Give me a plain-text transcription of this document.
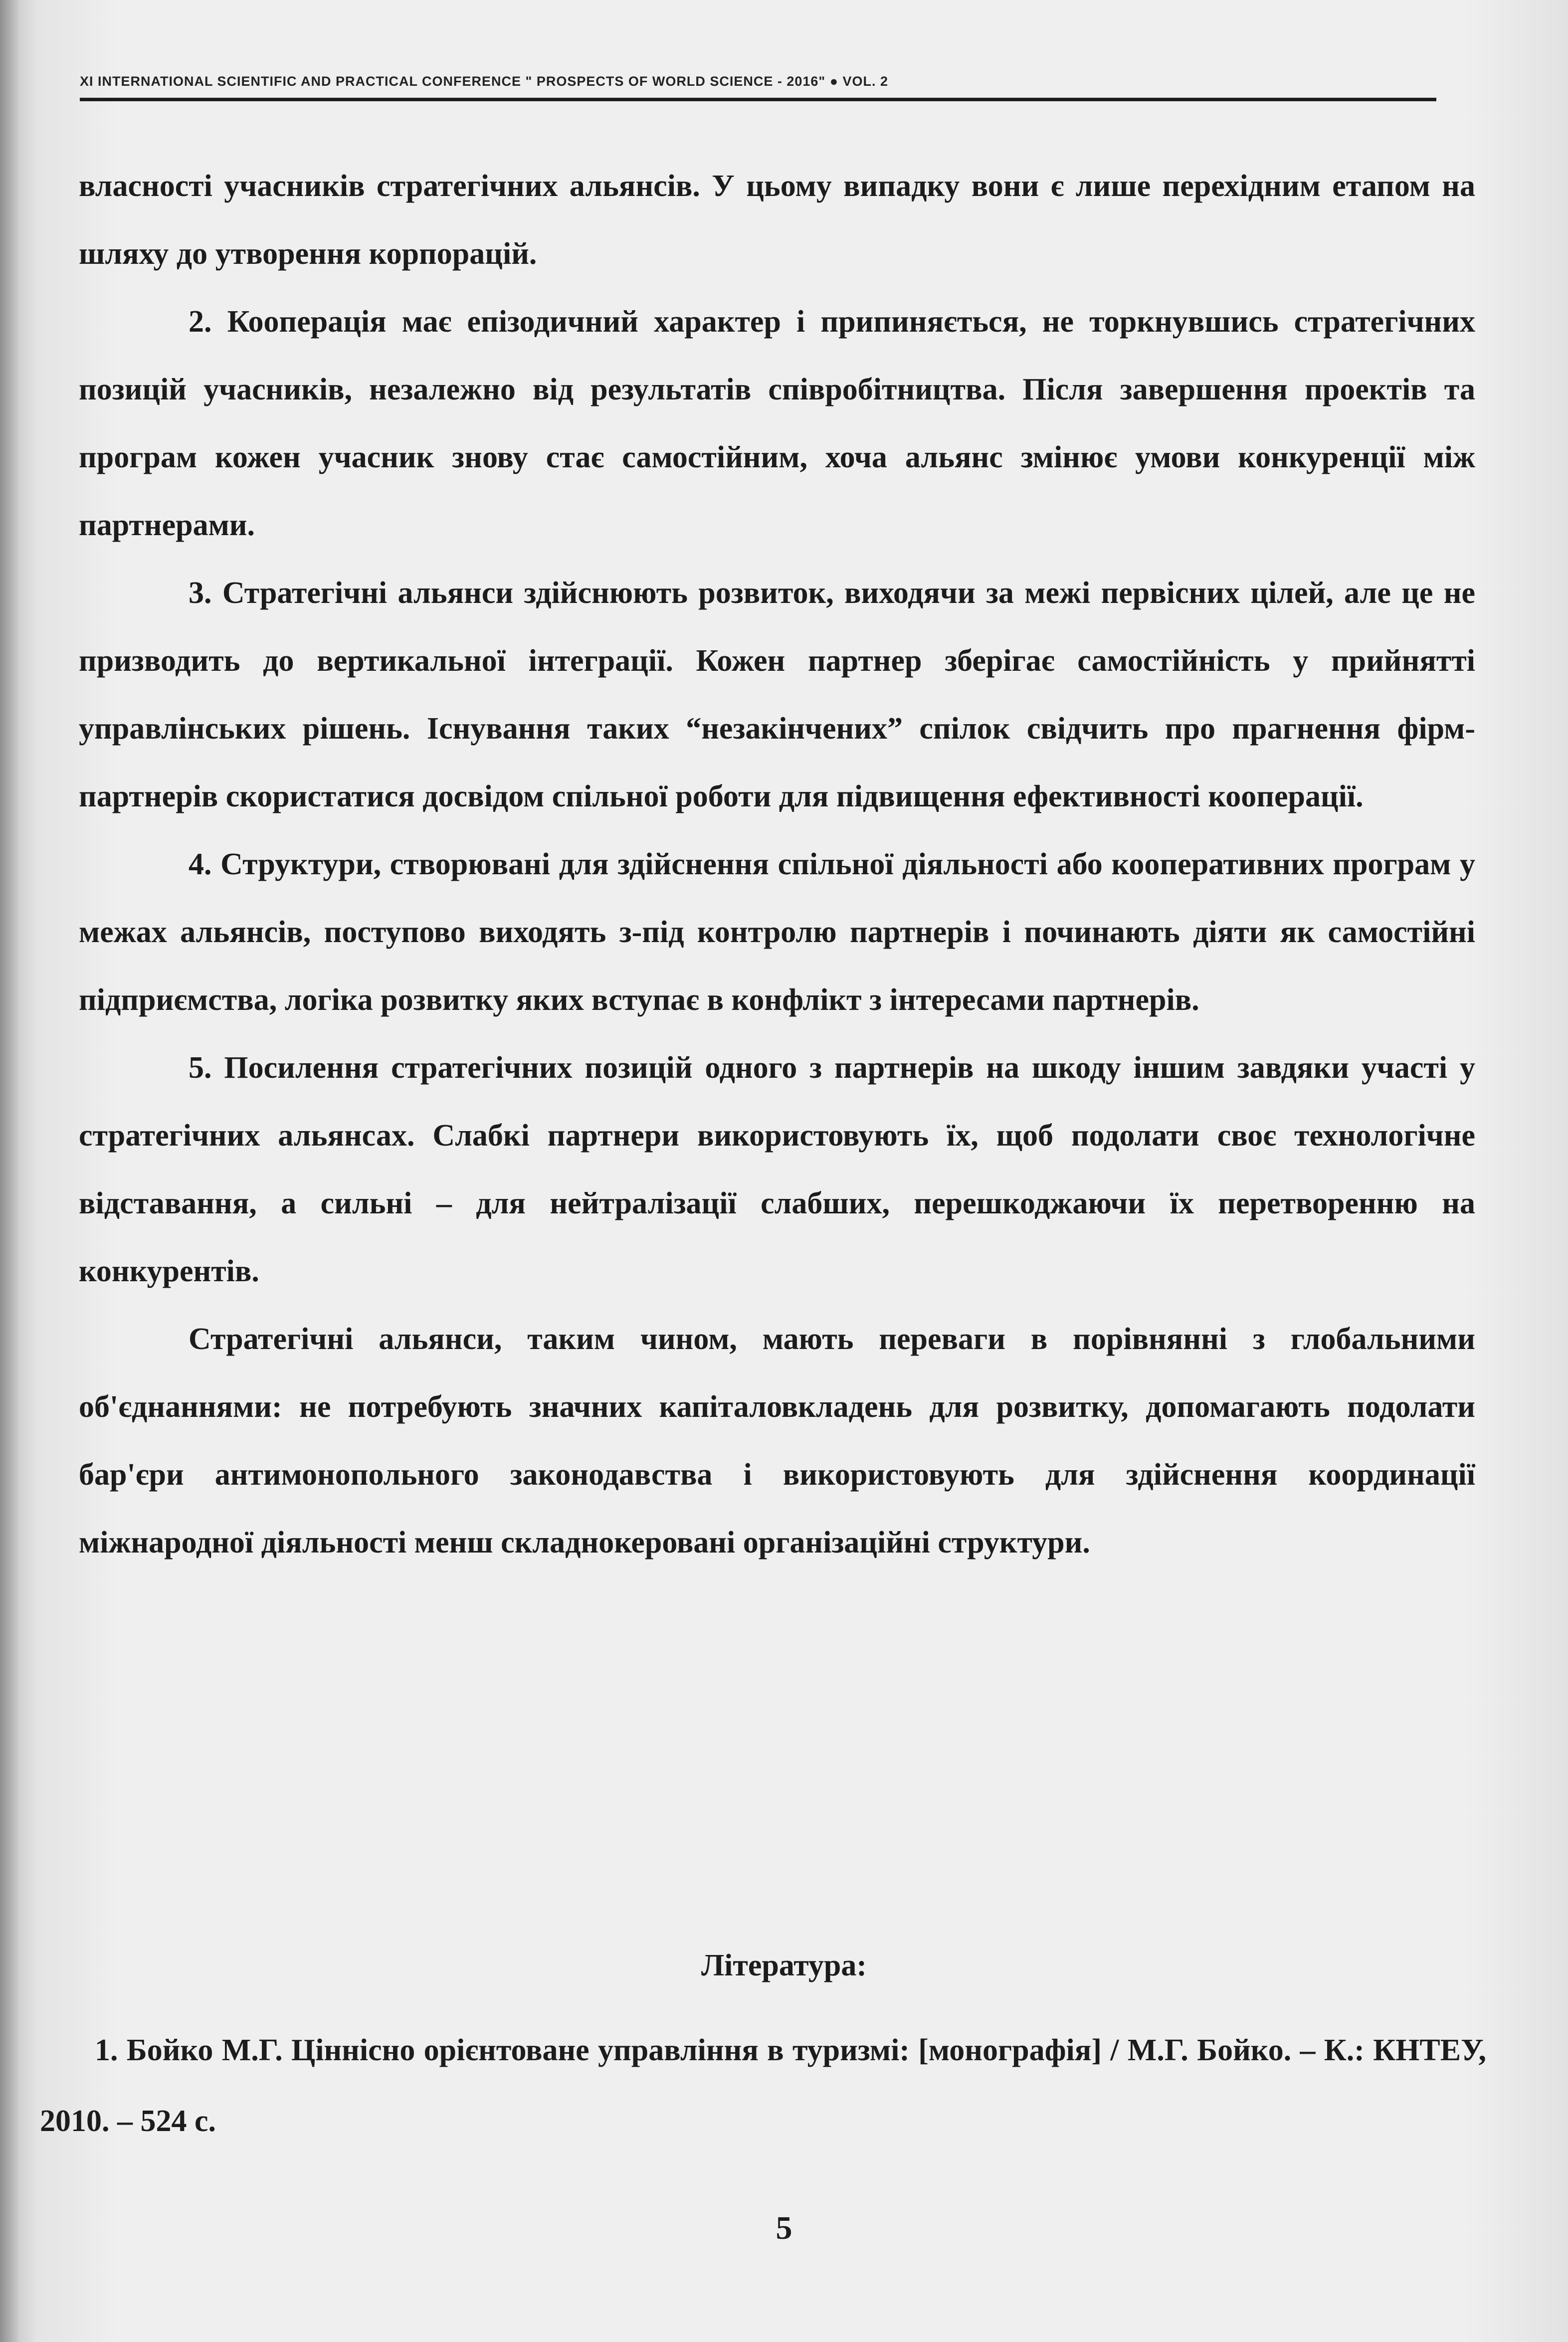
XI INTERNATIONAL SCIENTIFIC AND PRACTICAL CONFERENCE " PROSPECTS OF WORLD SCIENCE - 2016" ● VOL. 2

власності учасників стратегічних альянсів. У цьому випадку вони є лише перехідним етапом на шляху до утворення корпорацій.

2. Кооперація має епізодичний характер і припиняється, не торкнувшись стратегічних позицій учасників, незалежно від результатів співробітництва. Після завершення проектів та програм кожен учасник знову стає самостійним, хоча альянс змінює умови конкуренції між партнерами.

3. Стратегічні альянси здійснюють розвиток, виходячи за межі первісних цілей, але це не призводить до вертикальної інтеграції. Кожен партнер зберігає самостійність у прийнятті управлінських рішень. Існування таких “незакінчених” спілок свідчить про прагнення фірм-партнерів скористатися досвідом спільної роботи для підвищення ефективності кооперації.

4. Структури, створювані для здійснення спільної діяльності або кооперативних програм у межах альянсів, поступово виходять з-під контролю партнерів і починають діяти як самостійні підприємства, логіка розвитку яких вступає в конфлікт з інтересами партнерів.

5. Посилення стратегічних позицій одного з партнерів на шкоду іншим завдяки участі у стратегічних альянсах. Слабкі партнери використовують їх, щоб подолати своє технологічне відставання, а сильні – для нейтралізації слабших, перешкоджаючи їх перетворенню на конкурентів.

Стратегічні альянси, таким чином, мають переваги в порівнянні з глобальними об'єднаннями: не потребують значних капіталовкладень для розвитку, допомагають подолати бар'єри антимонопольного законодавства і використовують для здійснення координації міжнародної діяльності менш складнокеровані організаційні структури.

Література:
1. Бойко М.Г. Ціннісно орієнтоване управління в туризмі: [монографія] / М.Г. Бойко. – К.: КНТЕУ, 2010. – 524 с.
5
